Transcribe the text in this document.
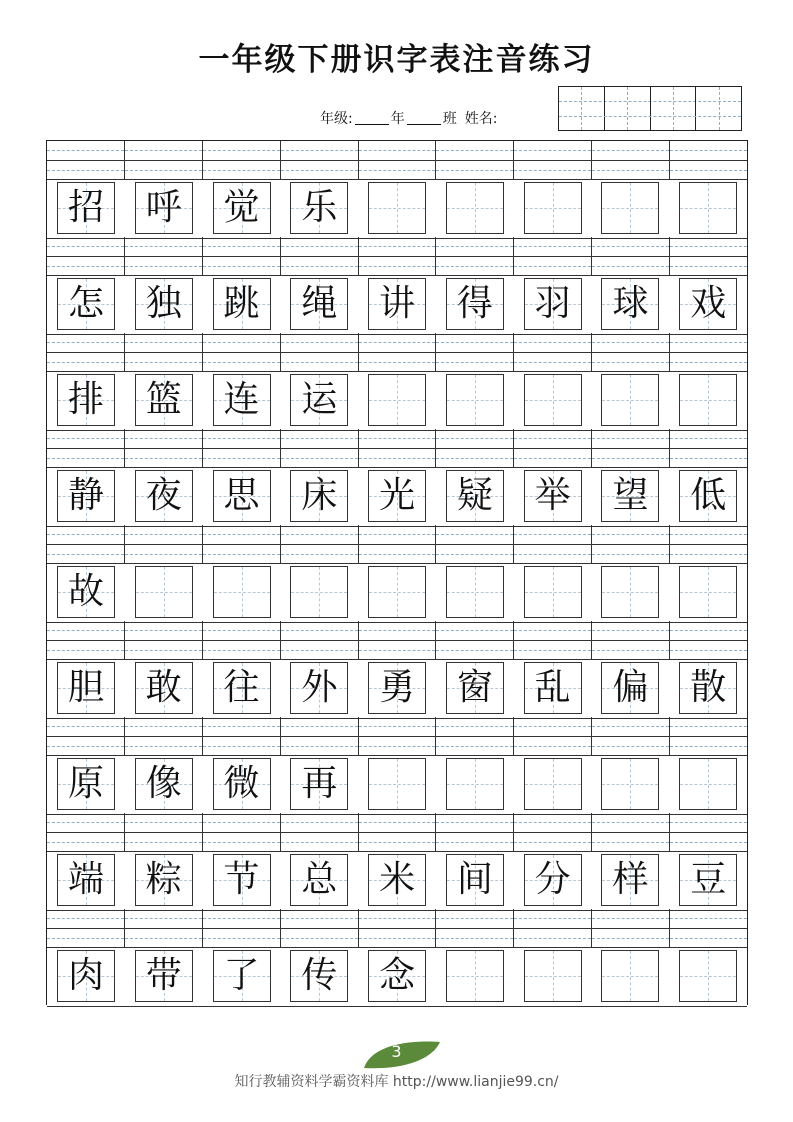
一年级下册识字表注音练习
年级:	年	班 姓名:
招 呼 觉 乐
怎 独 跳 绳 讲 得 羽 球 戏
排 篮 连 运
静 夜 思 床 光 疑 举 望 低
故
胆 敢 往 外 勇 窗 乱 偏 散
原 像 微 再
端 粽 节 总 米 间 分 样 豆
肉 带 了 传 念
3
知行教辅资料学霸资料库 http://www.lianjie99.cn/
